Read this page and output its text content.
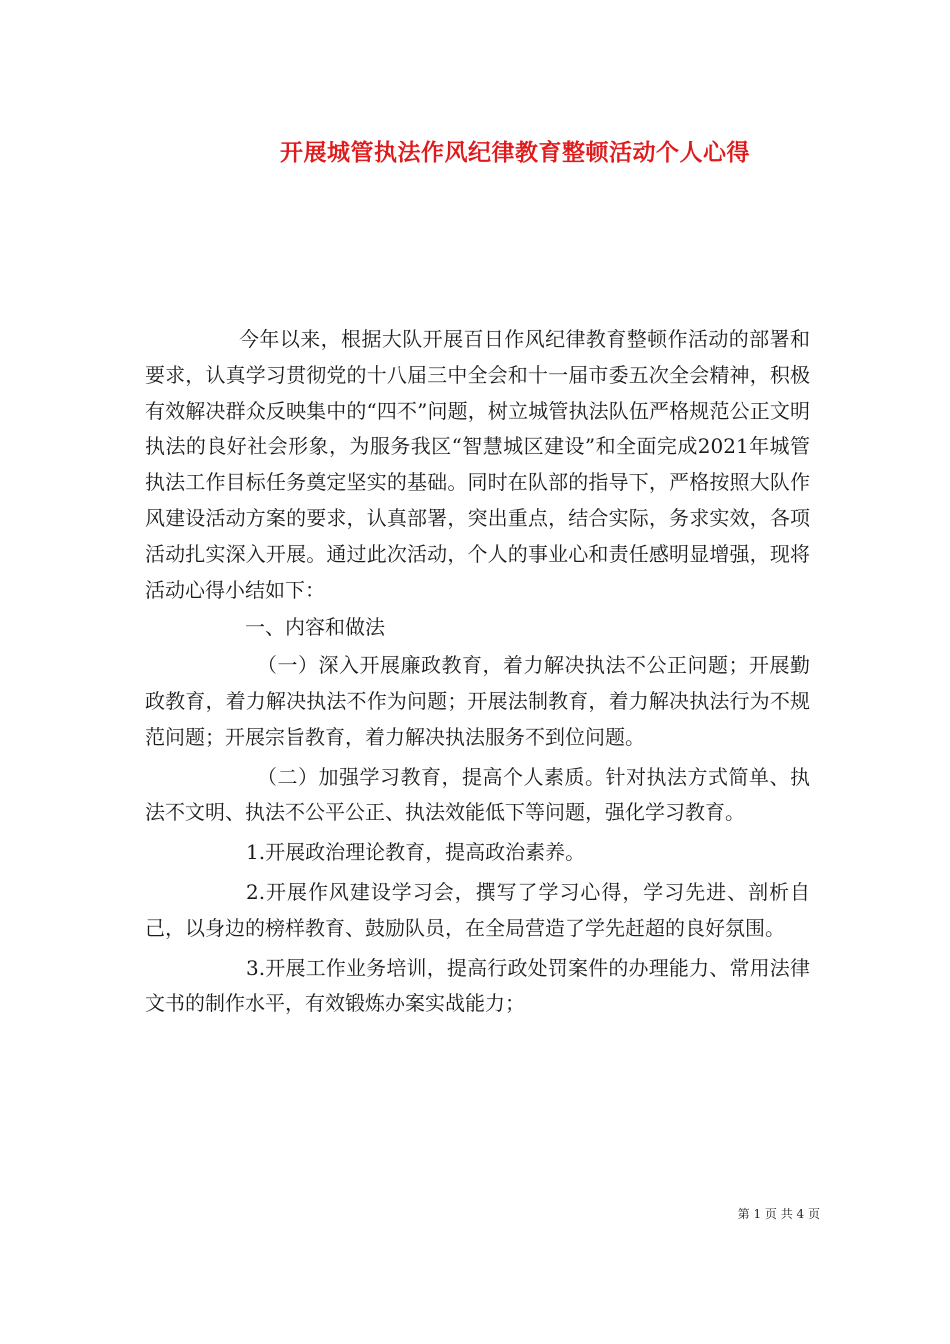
开展城管执法作风纪律教育整顿活动个人心得

今年以来，根据大队开展百日作风纪律教育整顿作活动的部署和要求，认真学习贯彻党的十八届三中全会和十一届市委五次全会精神，积极有效解决群众反映集中的“四不”问题，树立城管执法队伍严格规范公正文明执法的良好社会形象，为服务我区“智慧城区建设”和全面完成2021年城管执法工作目标任务奠定坚实的基础。同时在队部的指导下，严格按照大队作风建设活动方案的要求，认真部署，突出重点，结合实际，务求实效，各项活动扎实深入开展。通过此次活动，个人的事业心和责任感明显增强，现将活动心得小结如下：

一、内容和做法

（一）深入开展廉政教育，着力解决执法不公正问题；开展勤政教育，着力解决执法不作为问题；开展法制教育，着力解决执法行为不规范问题；开展宗旨教育，着力解决执法服务不到位问题。

（二）加强学习教育，提高个人素质。针对执法方式简单、执法不文明、执法不公平公正、执法效能低下等问题，强化学习教育。

1.开展政治理论教育，提高政治素养。

2.开展作风建设学习会，撰写了学习心得，学习先进、剖析自己，以身边的榜样教育、鼓励队员，在全局营造了学先赶超的良好氛围。

3.开展工作业务培训，提高行政处罚案件的办理能力、常用法律文书的制作水平，有效锻炼办案实战能力；

第 1 页 共 4 页
